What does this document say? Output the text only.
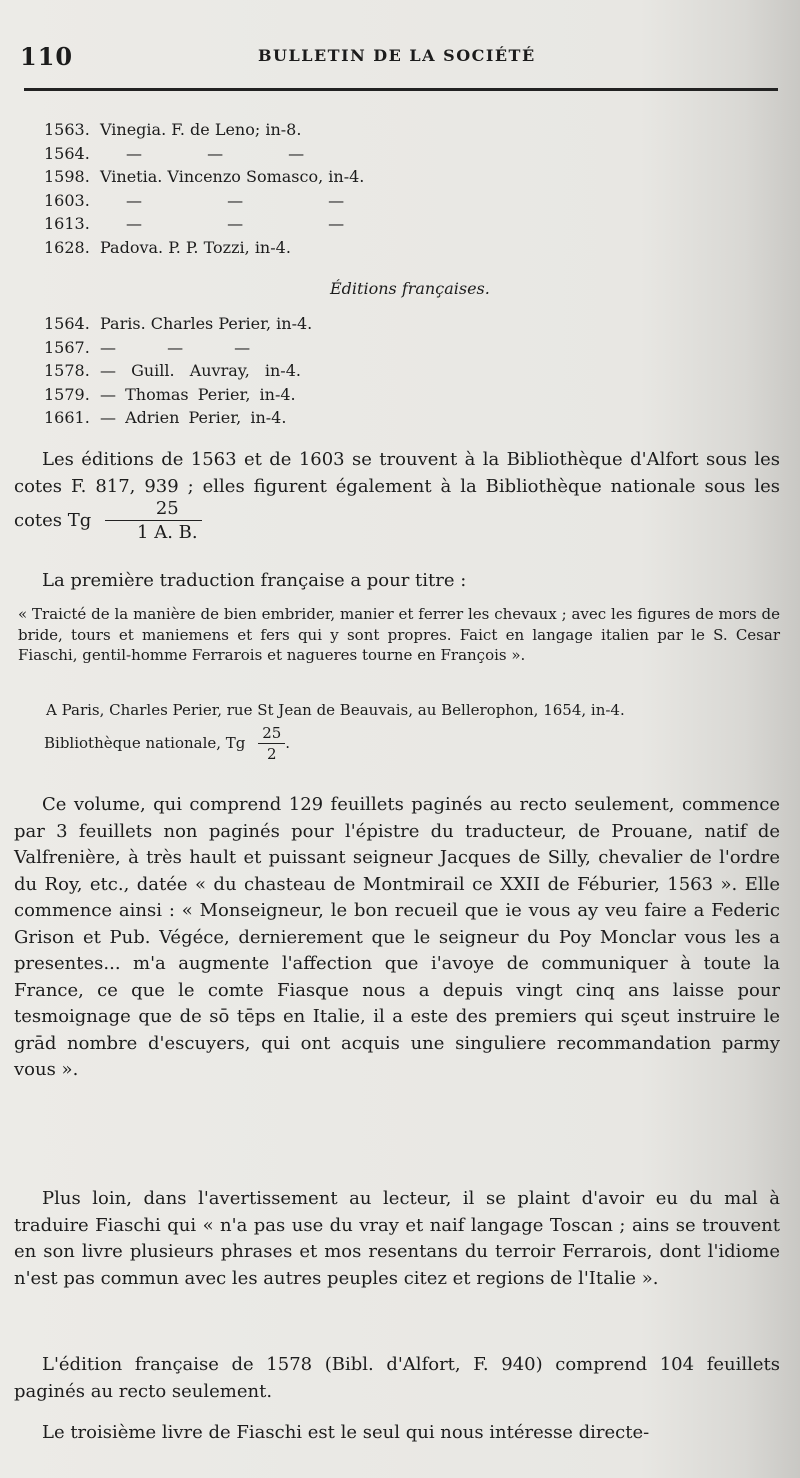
110	BULLETIN DE LA SOCIÉTÉ
1563. Vinegia. F. de Leno; in-8.
1564. — — —
1598. Vinetia. Vincenzo Somasco, in-4.
1603. — — —
1613. — — —
1628. Padova. P. P. Tozzi, in-4.
Éditions françaises.
1564. Paris. Charles Perier, in-4.
1567. — — —
1578. — Guill. Auvray, in-4.
1579. — Thomas Perier, in-4.
1661. — Adrien Perier, in-4.
Les éditions de 1563 et de 1603 se trouvent à la Bibliothèque d'Alfort sous les cotes F. 817, 939 ; elles figurent également à la Bibliothèque nationale sous les cotes Tg $\frac{25}{1 A. B.}$
La première traduction française a pour titre :
« Traicté de la manière de bien embrider, manier et ferrer les chevaux ; avec les figures de mors de bride, tours et maniemens et fers qui y sont propres. Faict en langage italien par le S. Cesar Fiaschi, gentil-homme Ferrarois et nagueres tourne en François ».
A Paris, Charles Perier, rue St Jean de Beauvais, au Bellerophon, 1654, in-4.
Bibliothèque nationale, Tg $\frac{25}{2}$ .
Ce volume, qui comprend 129 feuillets paginés au recto seulement, commence par 3 feuillets non paginés pour l'épistre du traducteur, de Prouane, natif de Valfrenière, à très hault et puissant seigneur Jacques de Silly, chevalier de l'ordre du Roy, etc., datée « du chasteau de Montmirail ce XXII de Féburier, 1563 ». Elle commence ainsi : « Monseigneur, le bon recueil que ie vous ay veu faire a Federic Grison et Pub. Végéce, dernierement que le seigneur du Poy Monclar vous les a presentes... m'a augmente l'affection que i'avoye de communiquer à toute la France, ce que le comte Fiasque nous a depuis vingt cinq ans laisse pour tesmoignage que de sō tēps en Italie, il a este des premiers qui sçeut instruire le grād nombre d'escuyers, qui ont acquis une singuliere recommandation parmy vous ».
Plus loin, dans l'avertissement au lecteur, il se plaint d'avoir eu du mal à traduire Fiaschi qui « n'a pas use du vray et naif langage Toscan ; ains se trouvent en son livre plusieurs phrases et mos resentans du terroir Ferrarois, dont l'idiome n'est pas commun avec les autres peuples citez et regions de l'Italie ».
L'édition française de 1578 (Bibl. d'Alfort, F. 940) comprend 104 feuillets paginés au recto seulement.
Le troisième livre de Fiaschi est le seul qui nous intéresse directe-
